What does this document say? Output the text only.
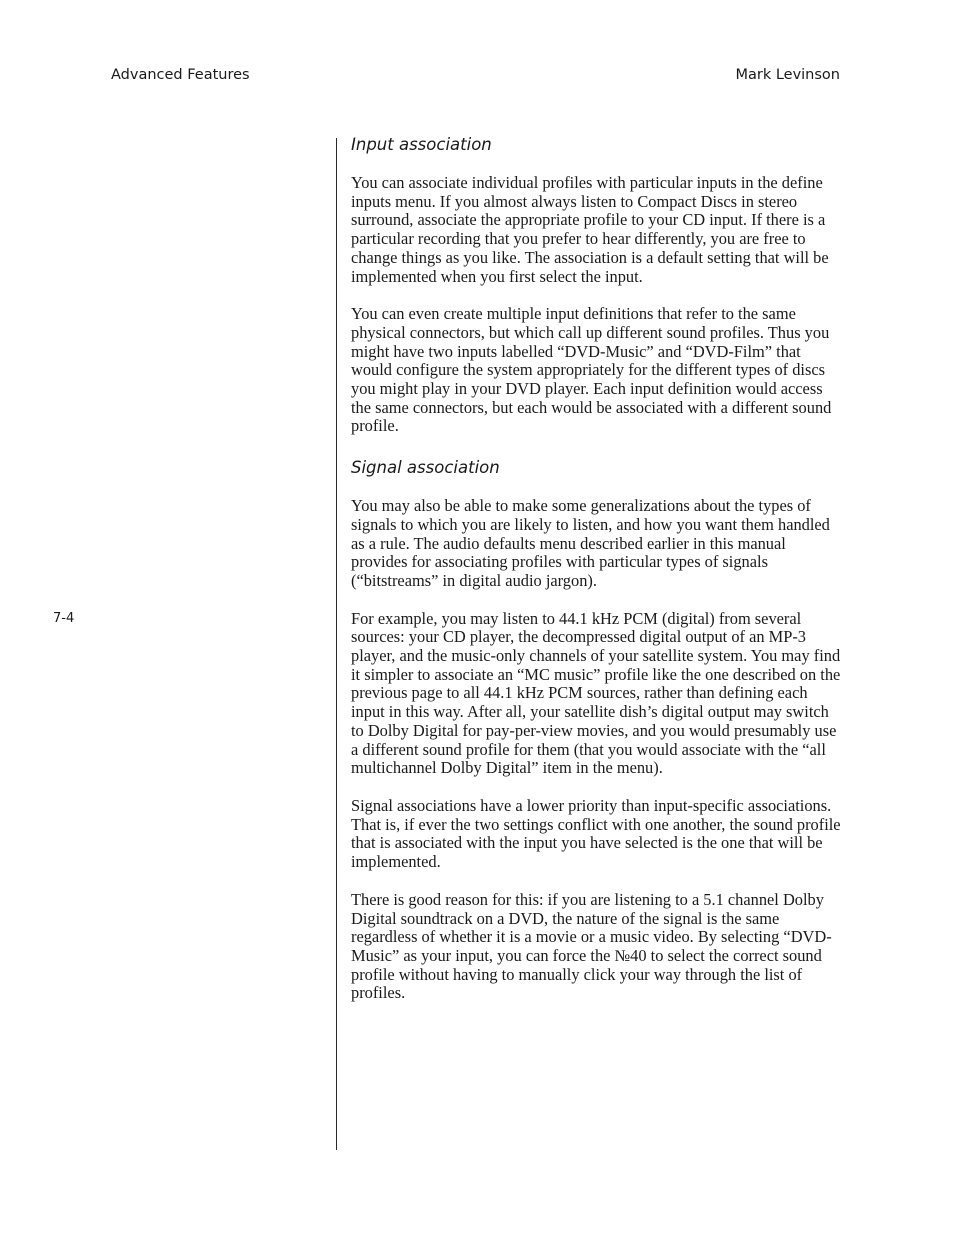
Advanced Features	Mark Levinson
7-4
Input association

You can associate individual profiles with particular inputs in the define inputs menu. If you almost always listen to Compact Discs in stereo surround, associate the appropriate profile to your CD input. If there is a particular recording that you prefer to hear differently, you are free to change things as you like. The association is a default setting that will be implemented when you first select the input.

You can even create multiple input definitions that refer to the same physical connectors, but which call up different sound profiles. Thus you might have two inputs labelled “DVD-Music” and “DVD-Film” that would configure the system appropriately for the different types of discs you might play in your DVD player. Each input definition would access the same connectors, but each would be associated with a different sound profile.

Signal association

You may also be able to make some generalizations about the types of signals to which you are likely to listen, and how you want them handled as a rule. The audio defaults menu described earlier in this manual provides for associating profiles with particular types of signals (“bitstreams” in digital audio jargon).

For example, you may listen to 44.1 kHz PCM (digital) from several sources: your CD player, the decompressed digital output of an MP-3 player, and the music-only channels of your satellite system. You may find it simpler to associate an “MC music” profile like the one described on the previous page to all 44.1 kHz PCM sources, rather than defining each input in this way. After all, your satellite dish’s digital output may switch to Dolby Digital for pay-per-view movies, and you would presumably use a different sound profile for them (that you would associate with the “all multichannel Dolby Digital” item in the menu).

Signal associations have a lower priority than input-specific associations. That is, if ever the two settings conflict with one another, the sound profile that is associated with the input you have selected is the one that will be implemented.

There is good reason for this: if you are listening to a 5.1 channel Dolby Digital soundtrack on a DVD, the nature of the signal is the same regardless of whether it is a movie or a music video. By selecting “DVD-Music” as your input, you can force the №40 to select the correct sound profile without having to manually click your way through the list of profiles.
